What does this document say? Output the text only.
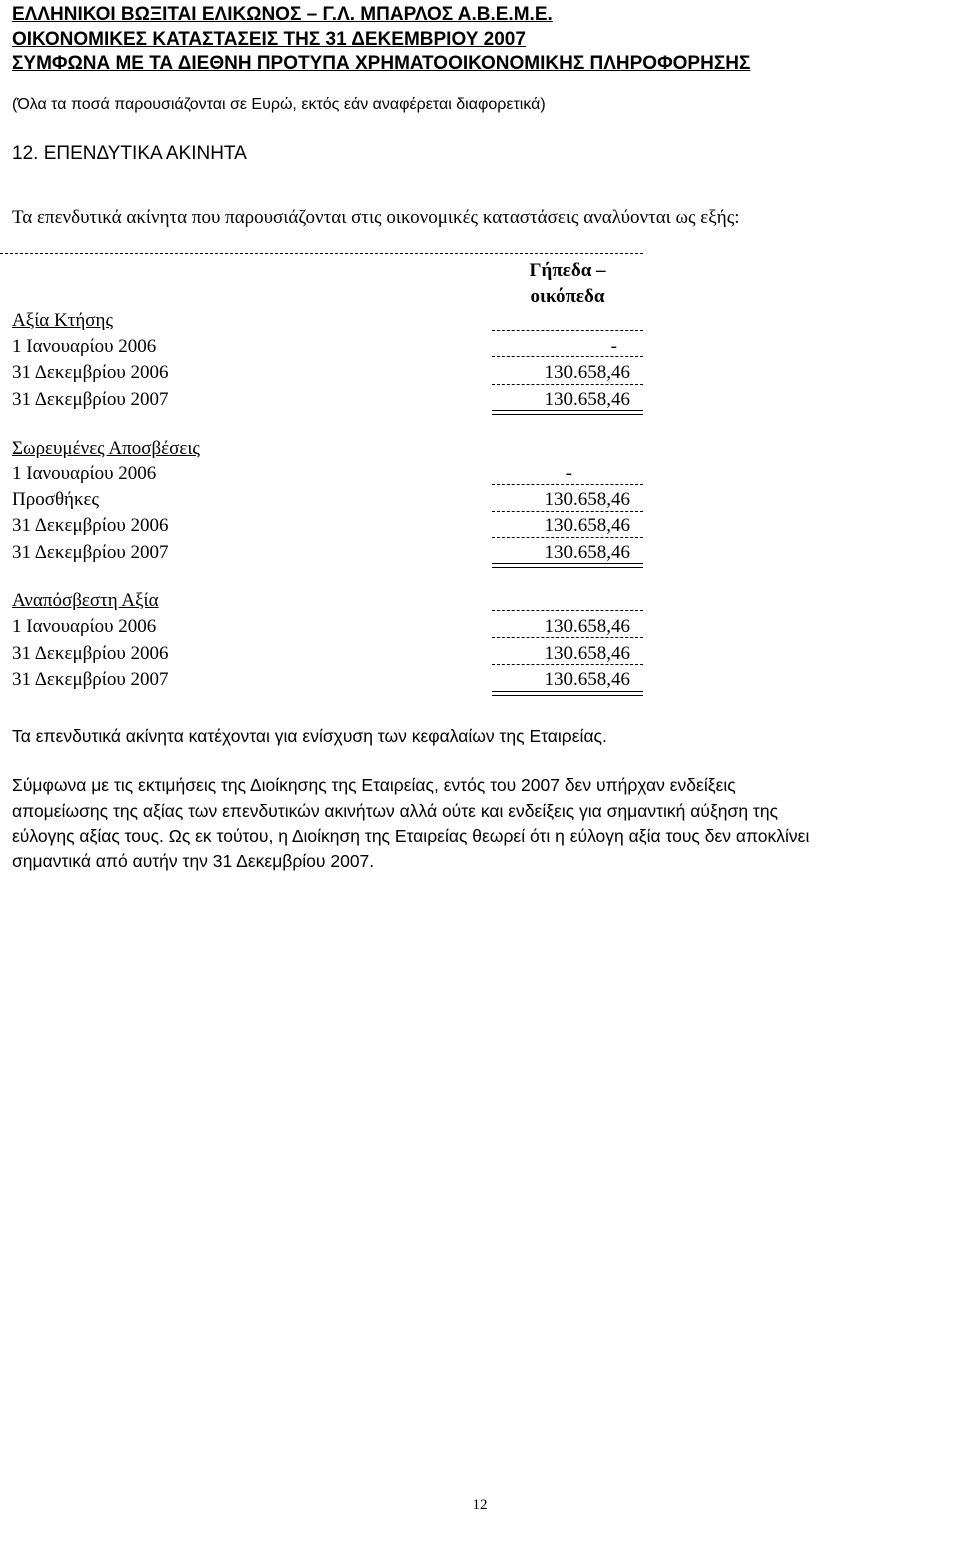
ΕΛΛΗΝΙΚΟΙ ΒΩΞΙΤΑΙ ΕΛΙΚΩΝΟΣ – Γ.Λ. ΜΠΑΡΛΟΣ Α.Β.Ε.Μ.Ε.
ΟΙΚΟΝΟΜΙΚΕΣ ΚΑΤΑΣΤΑΣΕΙΣ ΤΗΣ 31 ΔΕΚΕΜΒΡΙΟΥ 2007
ΣΥΜΦΩΝΑ ΜΕ ΤΑ ΔΙΕΘΝΗ ΠΡΟΤΥΠΑ ΧΡΗΜΑΤΟΟΙΚΟΝΟΜΙΚΗΣ ΠΛΗΡΟΦΟΡΗΣΗΣ
(Όλα τα ποσά παρουσιάζονται σε Ευρώ, εκτός εάν αναφέρεται διαφορετικά)
12. ΕΠΕΝΔΥΤΙΚΑ ΑΚΙΝΗΤΑ
Τα επενδυτικά ακίνητα που παρουσιάζονται στις οικονομικές καταστάσεις αναλύονται ως εξής:
Γήπεδα –
οικόπεδα
Αξία Κτήσης
1 Ιανουαρίου 2006	-
31 Δεκεμβρίου 2006	130.658,46
31 Δεκεμβρίου 2007	130.658,46
Σωρευμένες Αποσβέσεις
1 Ιανουαρίου 2006	-
Προσθήκες	130.658,46
31 Δεκεμβρίου 2006	130.658,46
31 Δεκεμβρίου 2007	130.658,46
Αναπόσβεστη Αξία
1 Ιανουαρίου 2006	130.658,46
31 Δεκεμβρίου 2006	130.658,46
31 Δεκεμβρίου 2007	130.658,46
Τα επενδυτικά ακίνητα κατέχονται για ενίσχυση των κεφαλαίων της Εταιρείας.
Σύμφωνα με τις εκτιμήσεις της Διοίκησης της Εταιρείας, εντός του 2007 δεν υπήρχαν ενδείξεις
απομείωσης της αξίας των επενδυτικών ακινήτων αλλά ούτε και ενδείξεις για σημαντική αύξηση της
εύλογης αξίας τους. Ως εκ τούτου, η Διοίκηση της Εταιρείας θεωρεί ότι η εύλογη αξία τους δεν αποκλίνει
σημαντικά από αυτήν την 31 Δεκεμβρίου 2007.
12
